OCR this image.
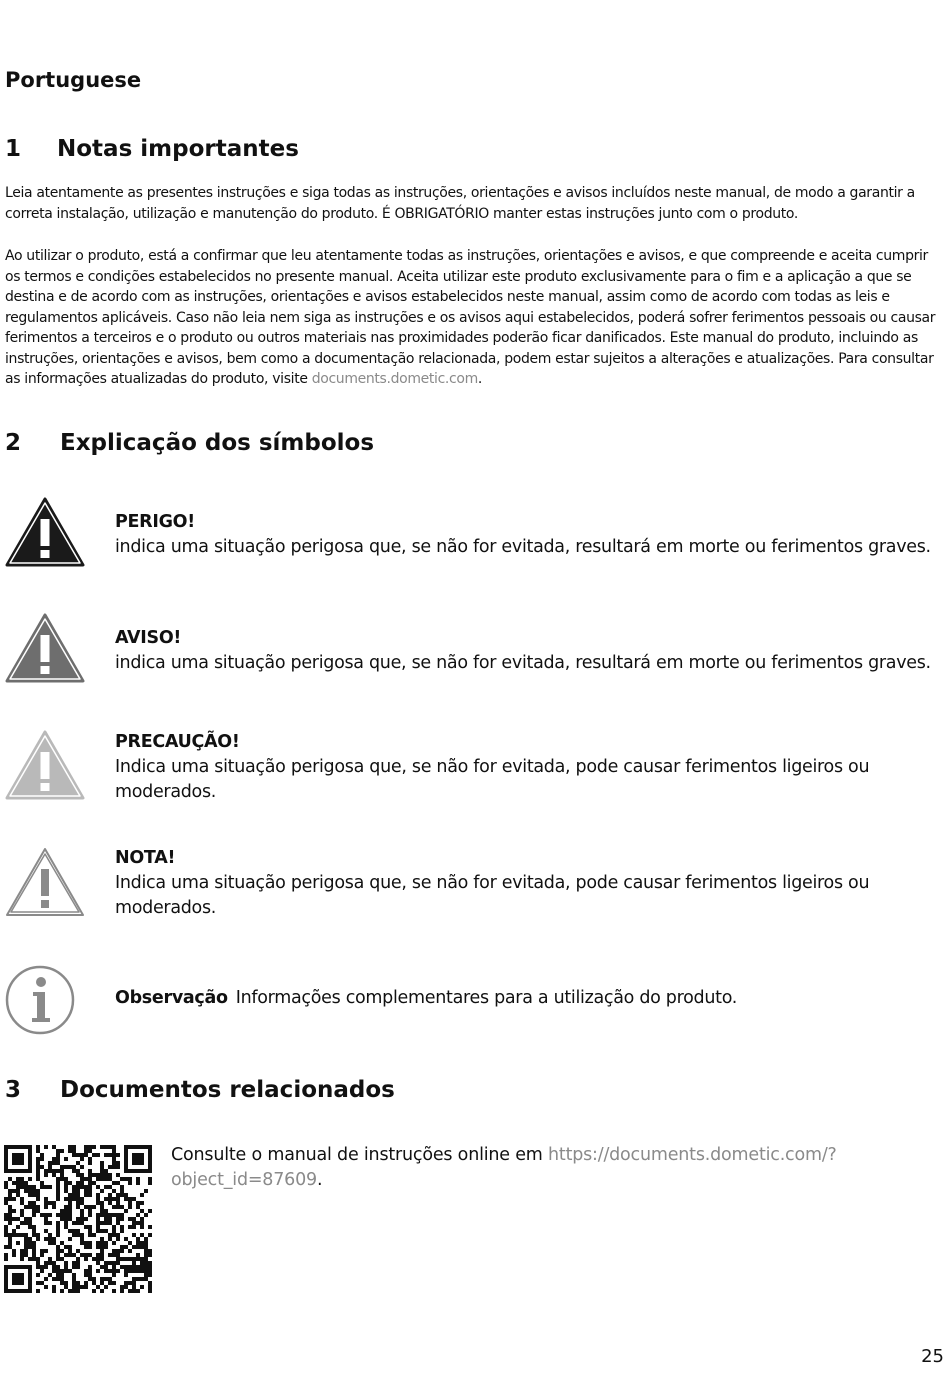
Portuguese
1 Notas importantes
Leia atentamente as presentes instruções e siga todas as instruções, orientações e avisos incluídos neste manual, de modo a garantir a correta instalação, utilização e manutenção do produto. É OBRIGATÓRIO manter estas instruções junto com o produto.
Ao utilizar o produto, está a confirmar que leu atentamente todas as instruções, orientações e avisos, e que compreende e aceita cumprir os termos e condições estabelecidos no presente manual. Aceita utilizar este produto exclusivamente para o fim e a aplicação a que se destina e de acordo com as instruções, orientações e avisos estabelecidos neste manual, assim como de acordo com todas as leis e regulamentos aplicáveis. Caso não leia nem siga as instruções e os avisos aqui estabelecidos, poderá sofrer ferimentos pessoais ou causar ferimentos a terceiros e o produto ou outros materiais nas proximidades poderão ficar danificados. Este manual do produto, incluindo as instruções, orientações e avisos, bem como a documentação relacionada, podem estar sujeitos a alterações e atualizações. Para consultar as informações atualizadas do produto, visite documents.dometic.com.
2 Explicação dos símbolos
PERIGO!
indica uma situação perigosa que, se não for evitada, resultará em morte ou ferimentos graves.
AVISO!
indica uma situação perigosa que, se não for evitada, resultará em morte ou ferimentos graves.
PRECAUÇÃO!
Indica uma situação perigosa que, se não for evitada, pode causar ferimentos ligeiros ou moderados.
NOTA!
Indica uma situação perigosa que, se não for evitada, pode causar ferimentos ligeiros ou moderados.
Observação Informações complementares para a utilização do produto.
3 Documentos relacionados
Consulte o manual de instruções online em https://documents.dometic.com/?object_id=87609.
25
